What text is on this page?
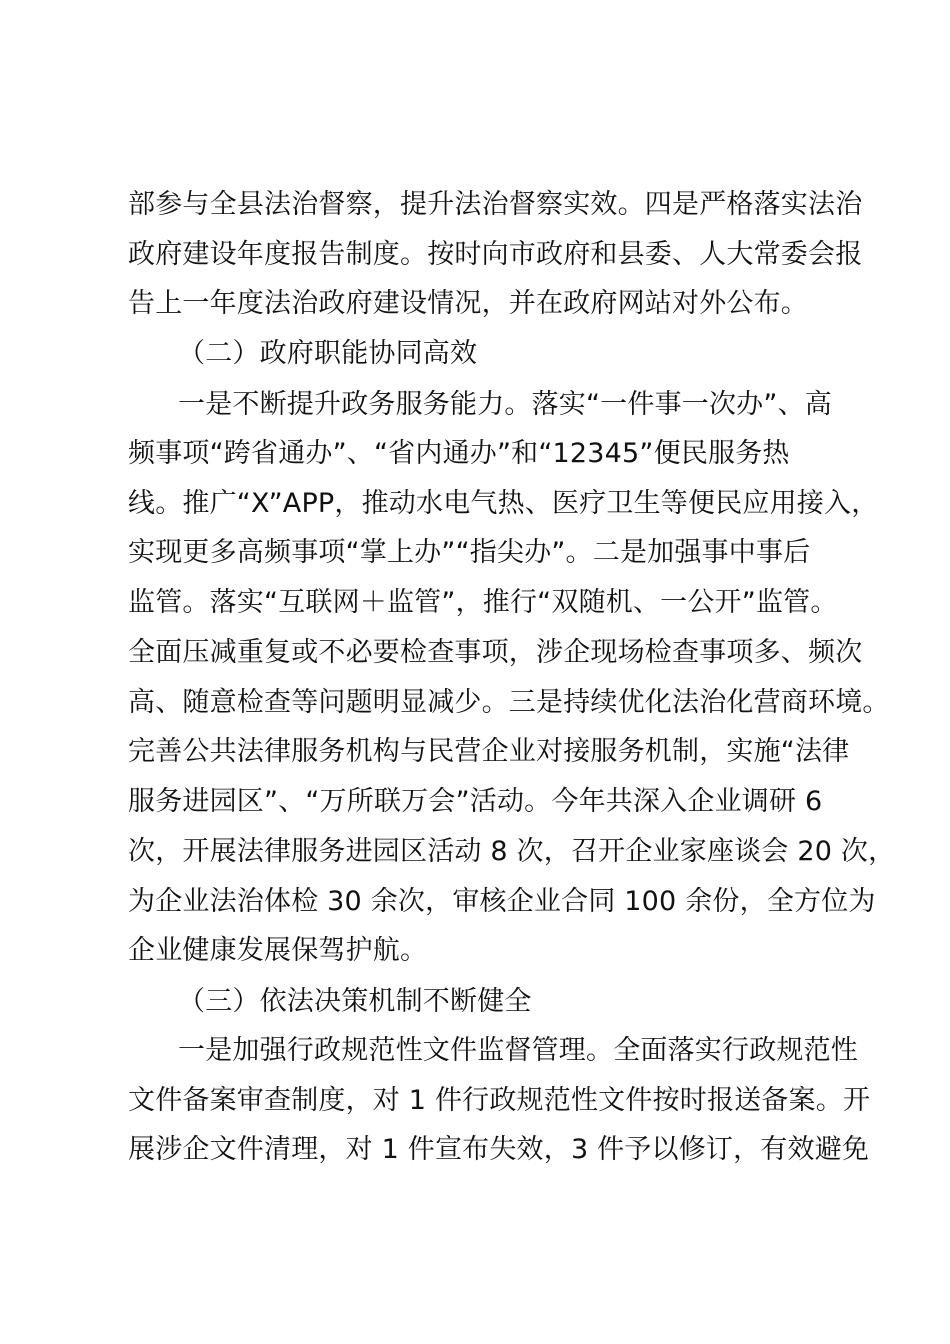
部参与全县法治督察，提升法治督察实效。四是严格落实法治
政府建设年度报告制度。按时向市政府和县委、人大常委会报
告上一年度法治政府建设情况，并在政府网站对外公布。
（二）政府职能协同高效
一是不断提升政务服务能力。落实“一件事一次办”、高
频事项“跨省通办”、“省内通办”和“12345”便民服务热
线。推广“X”APP，推动水电气热、医疗卫生等便民应用接入，
实现更多高频事项“掌上办”“指尖办”。二是加强事中事后
监管。落实“互联网＋监管”，推行“双随机、一公开”监管。
全面压减重复或不必要检查事项，涉企现场检查事项多、频次
高、随意检查等问题明显减少。三是持续优化法治化营商环境。
完善公共法律服务机构与民营企业对接服务机制，实施“法律
服务进园区”、“万所联万会”活动。今年共深入企业调研 6
次，开展法律服务进园区活动 8 次，召开企业家座谈会 20 次，
为企业法治体检 30 余次，审核企业合同 100 余份，全方位为
企业健康发展保驾护航。
（三）依法决策机制不断健全
一是加强行政规范性文件监督管理。全面落实行政规范性
文件备案审查制度，对 1 件行政规范性文件按时报送备案。开
展涉企文件清理，对 1 件宣布失效，3 件予以修订，有效避免
